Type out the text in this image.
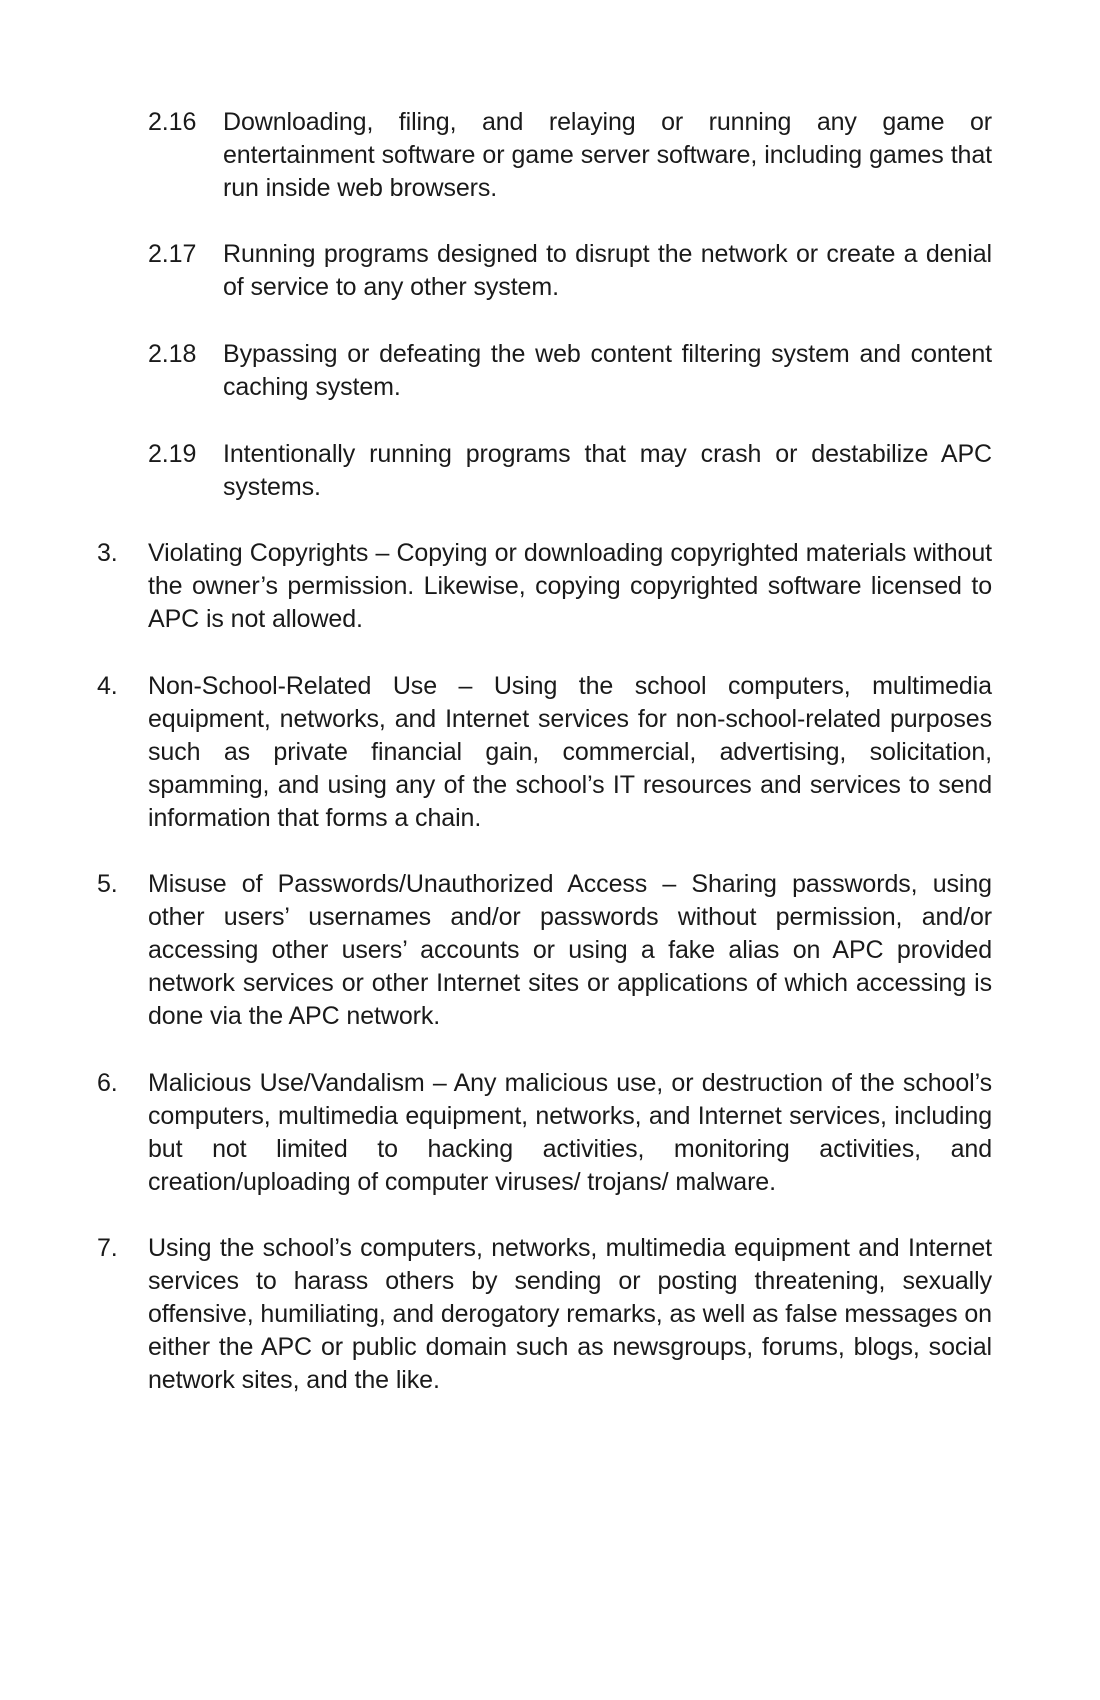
2.16	Downloading, filing, and relaying or running any game or entertainment software or game server software, including games that run inside web browsers.
2.17	Running programs designed to disrupt the network or create a denial of service to any other system.
2.18	Bypassing or defeating the web content filtering system and content caching system.
2.19	Intentionally running programs that may crash or destabilize APC systems.
3.	Violating Copyrights – Copying or downloading copyrighted materials without the owner’s permission. Likewise, copying copyrighted software licensed to APC is not allowed.
4.	Non-School-Related Use – Using the school computers, multimedia equipment, networks, and Internet services for non-school-related purposes such as private financial gain, commercial, advertising, solicitation, spamming, and using any of the school’s IT resources and services to send information that forms a chain.
5.	Misuse of Passwords/Unauthorized Access – Sharing passwords, using other users’ usernames and/or passwords without permission, and/or accessing other users’ accounts or using a fake alias on APC provided network services or other Internet sites or applications of which accessing is done via the APC network.
6.	Malicious Use/Vandalism – Any malicious use, or destruction of the school’s computers, multimedia equipment, networks, and Internet services, including but not limited to hacking activities, monitoring activities, and creation/uploading of computer viruses/ trojans/ malware.
7.	Using the school’s computers, networks, multimedia equipment and Internet services to harass others by sending or posting threatening, sexually offensive, humiliating, and derogatory remarks, as well as false messages on either the APC or public domain such as newsgroups, forums, blogs, social network sites, and the like.
